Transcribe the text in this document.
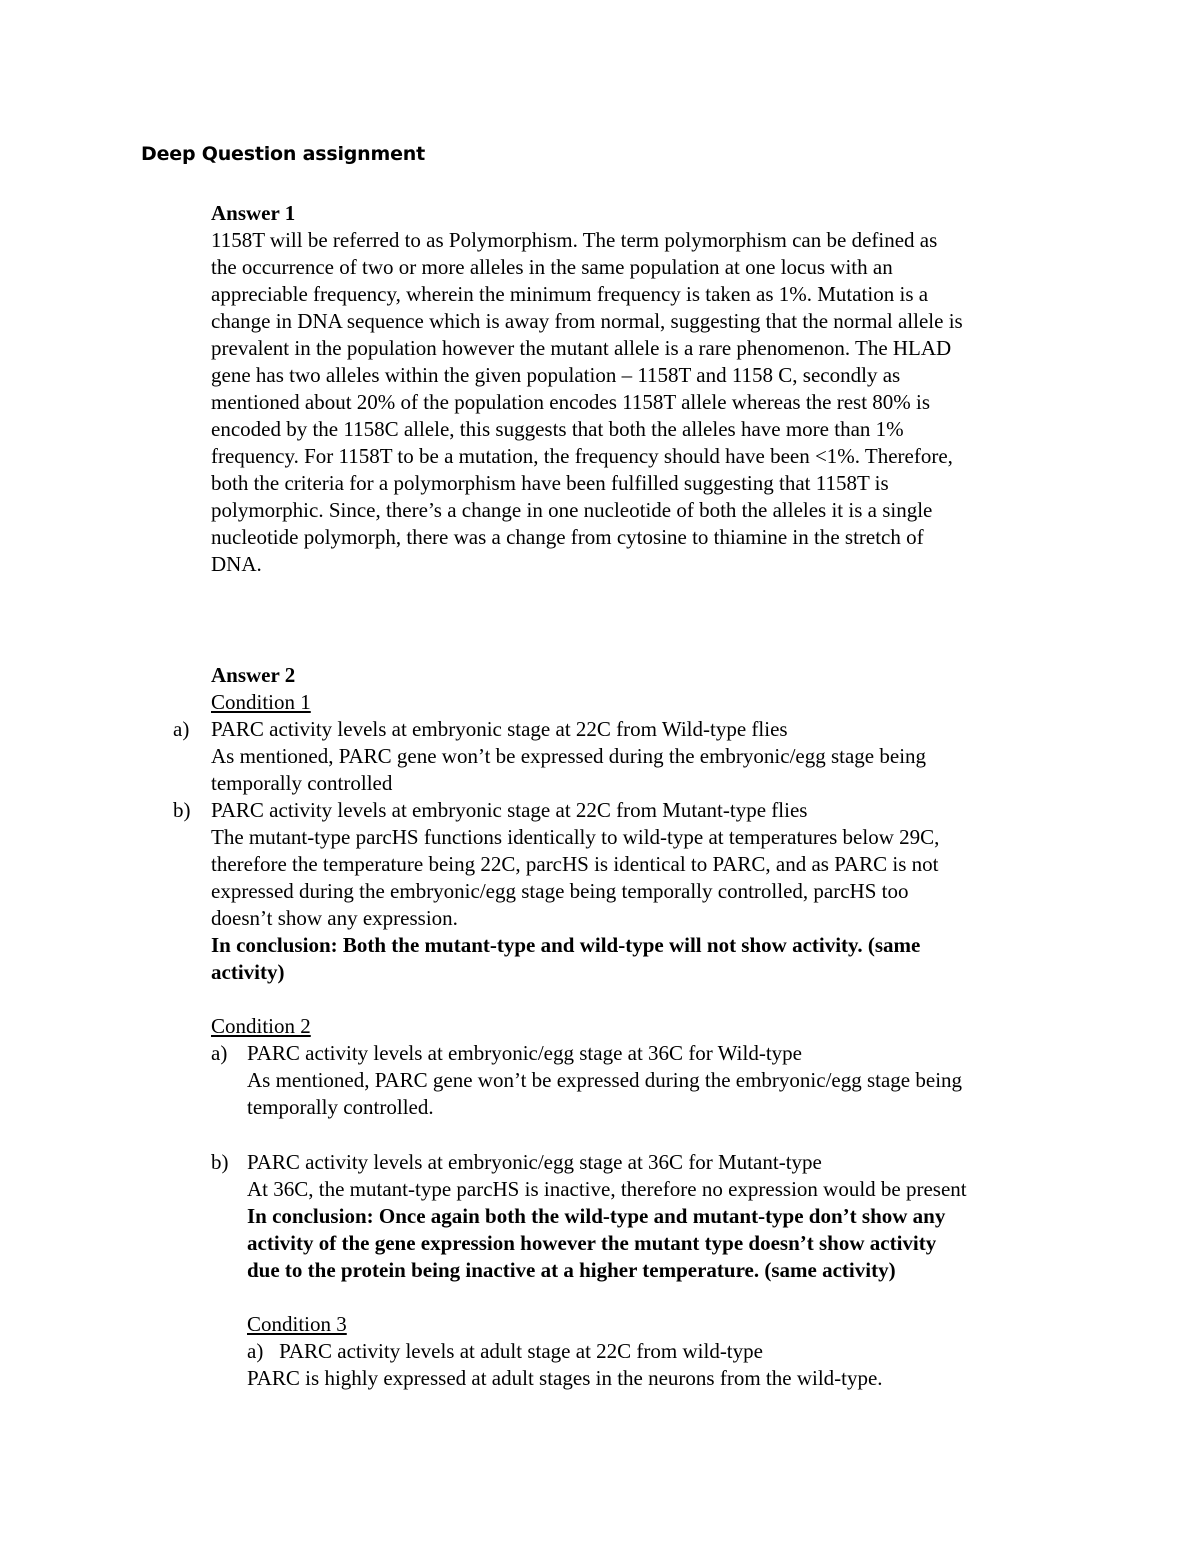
Deep Question assignment
Answer 1
1158T will be referred to as Polymorphism. The term polymorphism can be defined as
the occurrence of two or more alleles in the same population at one locus with an
appreciable frequency, wherein the minimum frequency is taken as 1%. Mutation is a
change in DNA sequence which is away from normal, suggesting that the normal allele is
prevalent in the population however the mutant allele is a rare phenomenon. The HLAD
gene has two alleles within the given population – 1158T and 1158 C, secondly as
mentioned about 20% of the population encodes 1158T allele whereas the rest 80% is
encoded by the 1158C allele, this suggests that both the alleles have more than 1%
frequency. For 1158T to be a mutation, the frequency should have been <1%. Therefore,
both the criteria for a polymorphism have been fulfilled suggesting that 1158T is
polymorphic. Since, there’s a change in one nucleotide of both the alleles it is a single
nucleotide polymorph, there was a change from cytosine to thiamine in the stretch of
DNA.
Answer 2
Condition 1
a) PARC activity levels at embryonic stage at 22C from Wild-type flies
As mentioned, PARC gene won’t be expressed during the embryonic/egg stage being
temporally controlled
b) PARC activity levels at embryonic stage at 22C from Mutant-type flies
The mutant-type parcHS functions identically to wild-type at temperatures below 29C,
therefore the temperature being 22C, parcHS is identical to PARC, and as PARC is not
expressed during the embryonic/egg stage being temporally controlled, parcHS too
doesn’t show any expression.
In conclusion: Both the mutant-type and wild-type will not show activity. (same
activity)
Condition 2
a) PARC activity levels at embryonic/egg stage at 36C for Wild-type
As mentioned, PARC gene won’t be expressed during the embryonic/egg stage being
temporally controlled.
b) PARC activity levels at embryonic/egg stage at 36C for Mutant-type
At 36C, the mutant-type parcHS is inactive, therefore no expression would be present
In conclusion: Once again both the wild-type and mutant-type don’t show any
activity of the gene expression however the mutant type doesn’t show activity
due to the protein being inactive at a higher temperature. (same activity)
Condition 3
a)   PARC activity levels at adult stage at 22C from wild-type
PARC is highly expressed at adult stages in the neurons from the wild-type.
